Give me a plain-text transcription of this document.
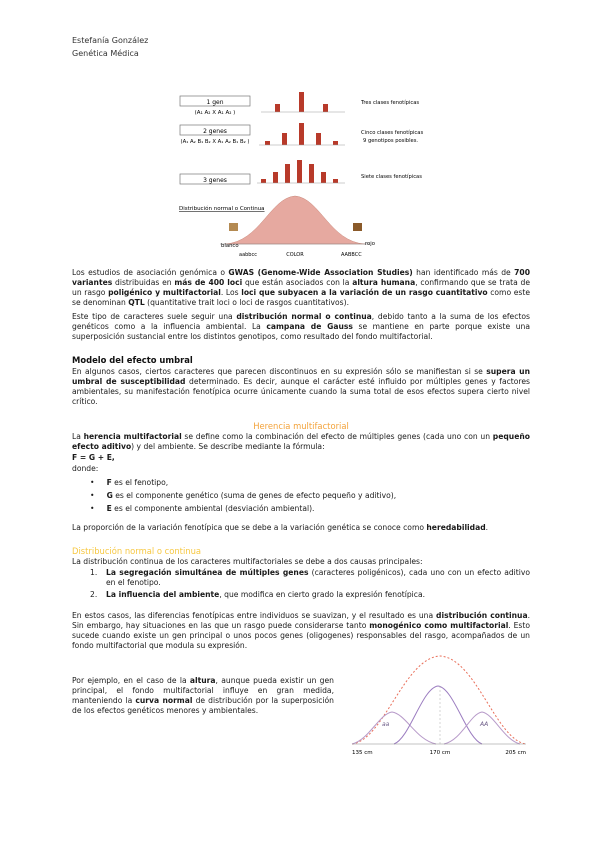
Estefanía González
Genética Médica
1 gen
(A₁ A₂ X A₁ A₂ )
Tres clases fenotípicas
2 genes
(A₁ A₂ B₁ B₂ X A₁ A₂ B₁ B₂ )
Cinco clases fenotípicas
9 genotipos posibles.
3 genes	Siete clases fenotípicas
Distribución normal o Continua
blanco	rojo
aabbcc	COLOR	AABBCC
Los estudios de asociación genómica o GWAS (Genome-Wide Association Studies) han identificado más de 700 variantes distribuidas en más de 400 loci que están asociados con la altura humana, confirmando que se trata de un rasgo poligénico y multifactorial. Los loci que subyacen a la variación de un rasgo cuantitativo como este se denominan QTL (quantitative trait loci o loci de rasgos cuantitativos).
Este tipo de caracteres suele seguir una distribución normal o continua, debido tanto a la suma de los efectos genéticos como a la influencia ambiental. La campana de Gauss se mantiene en parte porque existe una superposición sustancial entre los distintos genotipos, como resultado del fondo multifactorial.
Modelo del efecto umbral
En algunos casos, ciertos caracteres que parecen discontinuos en su expresión sólo se manifiestan si se supera un umbral de susceptibilidad determinado. Es decir, aunque el carácter esté influido por múltiples genes y factores ambientales, su manifestación fenotípica ocurre únicamente cuando la suma total de esos efectos supera cierto nivel crítico.
Herencia multifactorial
La herencia multifactorial se define como la combinación del efecto de múltiples genes (cada uno con un pequeño efecto aditivo) y del ambiente. Se describe mediante la fórmula:
F = G + E,
donde:
•     F es el fenotipo,
•     G es el componente genético (suma de genes de efecto pequeño y aditivo),
•     E es el componente ambiental (desviación ambiental).
La proporción de la variación fenotípica que se debe a la variación genética se conoce como heredabilidad.
Distribución normal o continua
La distribución continua de los caracteres multifactoriales se debe a dos causas principales:
1. La segregación simultánea de múltiples genes (caracteres poligénicos), cada uno con un efecto aditivo en el fenotipo.
2. La influencia del ambiente, que modifica en cierto grado la expresión fenotípica.
En estos casos, las diferencias fenotípicas entre individuos se suavizan, y el resultado es una distribución continua. Sin embargo, hay situaciones en las que un rasgo puede considerarse tanto monogénico como multifactorial. Esto sucede cuando existe un gen principal o unos pocos genes (oligogenes) responsables del rasgo, acompañados de un fondo multifactorial que modula su expresión.
Por ejemplo, en el caso de la altura, aunque pueda existir un gen principal, el fondo multifactorial influye en gran medida, manteniendo la curva normal de distribución por la superposición de los efectos genéticos menores y ambientales.
aa
Aa
AA
135 cm	170 cm	205 cm
